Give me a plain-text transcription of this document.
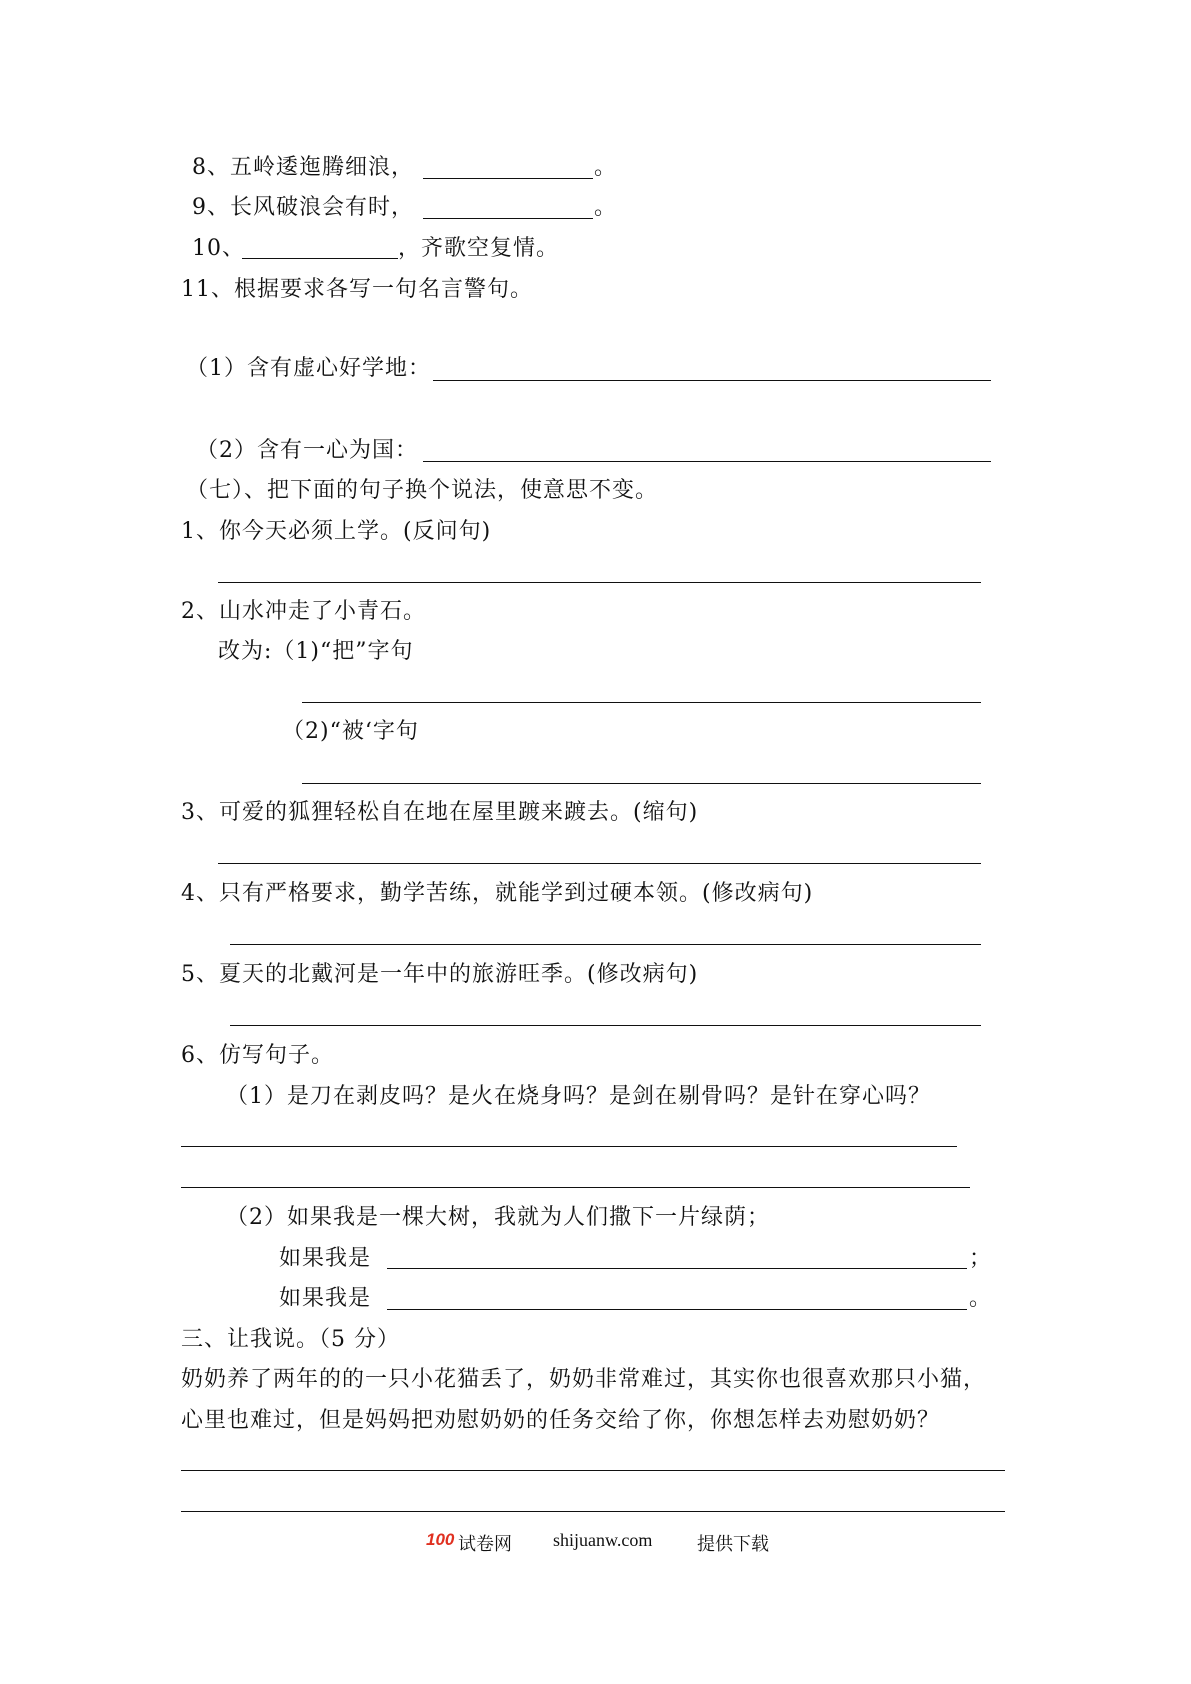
8、五岭逶迤腾细浪，	。
9、长风破浪会有时，	。
10、	，齐歌空复情。
11、根据要求各写一句名言警句。
（1）含有虚心好学地：
（2）含有一心为国：
（七）、把下面的句子换个说法，使意思不变。
1、你今天必须上学。(反问句)
2、山水冲走了小青石。
改为:（1)“把”字句
（2)“被‘字句
3、可爱的狐狸轻松自在地在屋里踱来踱去。(缩句)
4、只有严格要求，勤学苦练，就能学到过硬本领。(修改病句)
5、夏天的北戴河是一年中的旅游旺季。(修改病句)
6、仿写句子。
（1）是刀在剥皮吗？是火在烧身吗？是剑在剔骨吗？是针在穿心吗？
（2）如果我是一棵大树，我就为人们撒下一片绿荫；
如果我是	；
如果我是	。
三、让我说。（5 分）
奶奶养了两年的的一只小花猫丢了，奶奶非常难过，其实你也很喜欢那只小猫，
心里也难过，但是妈妈把劝慰奶奶的任务交给了你，你想怎样去劝慰奶奶？
100 试卷网 shijuanw.com 提供下载
